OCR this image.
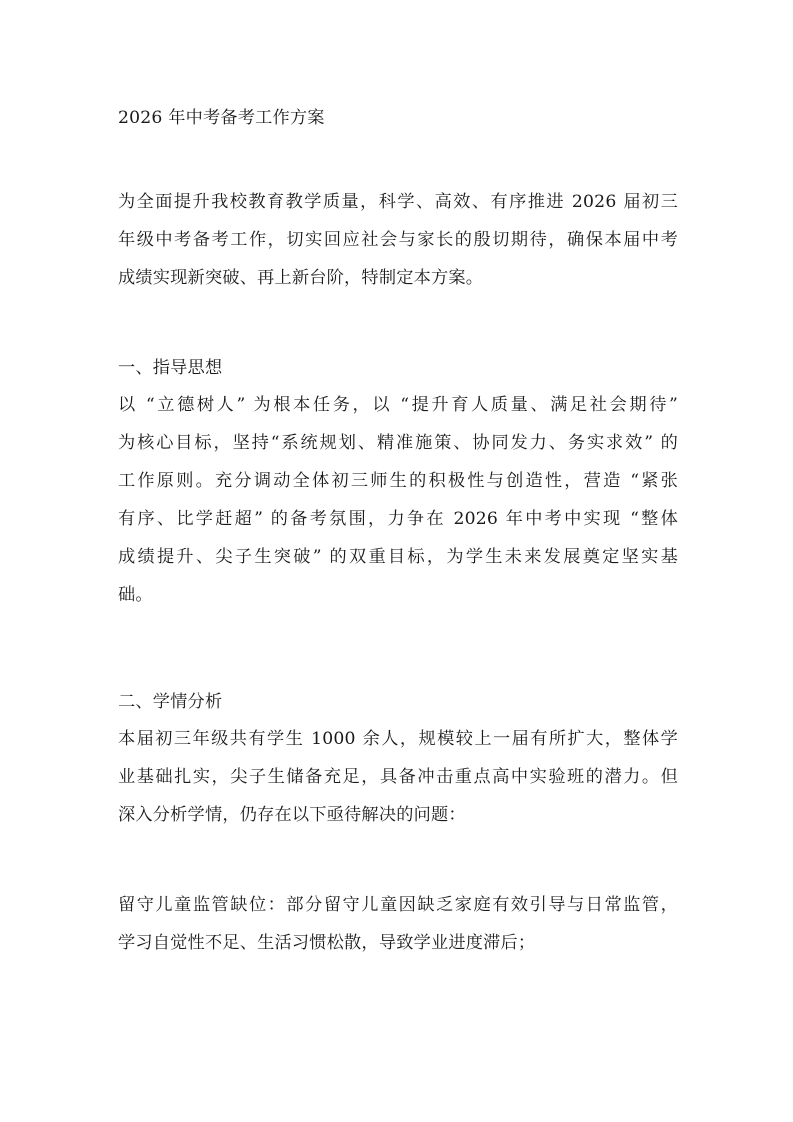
2026 年中考备考工作方案
为全面提升我校教育教学质量，科学、高效、有序推进 2026 届初三
年级中考备考工作，切实回应社会与家长的殷切期待，确保本届中考
成绩实现新突破、再上新台阶，特制定本方案。
一、指导思想
以 “立德树人” 为根本任务，以 “提升育人质量、满足社会期待”
为核心目标，坚持“系统规划、精准施策、协同发力、务实求效” 的
工作原则。充分调动全体初三师生的积极性与创造性，营造 “紧张
有序、比学赶超” 的备考氛围，力争在 2026 年中考中实现 “整体
成绩提升、尖子生突破” 的双重目标，为学生未来发展奠定坚实基
础。
二、学情分析
本届初三年级共有学生 1000 余人，规模较上一届有所扩大，整体学
业基础扎实，尖子生储备充足，具备冲击重点高中实验班的潜力。但
深入分析学情，仍存在以下亟待解决的问题：
留守儿童监管缺位：部分留守儿童因缺乏家庭有效引导与日常监管，
学习自觉性不足、生活习惯松散，导致学业进度滞后；
